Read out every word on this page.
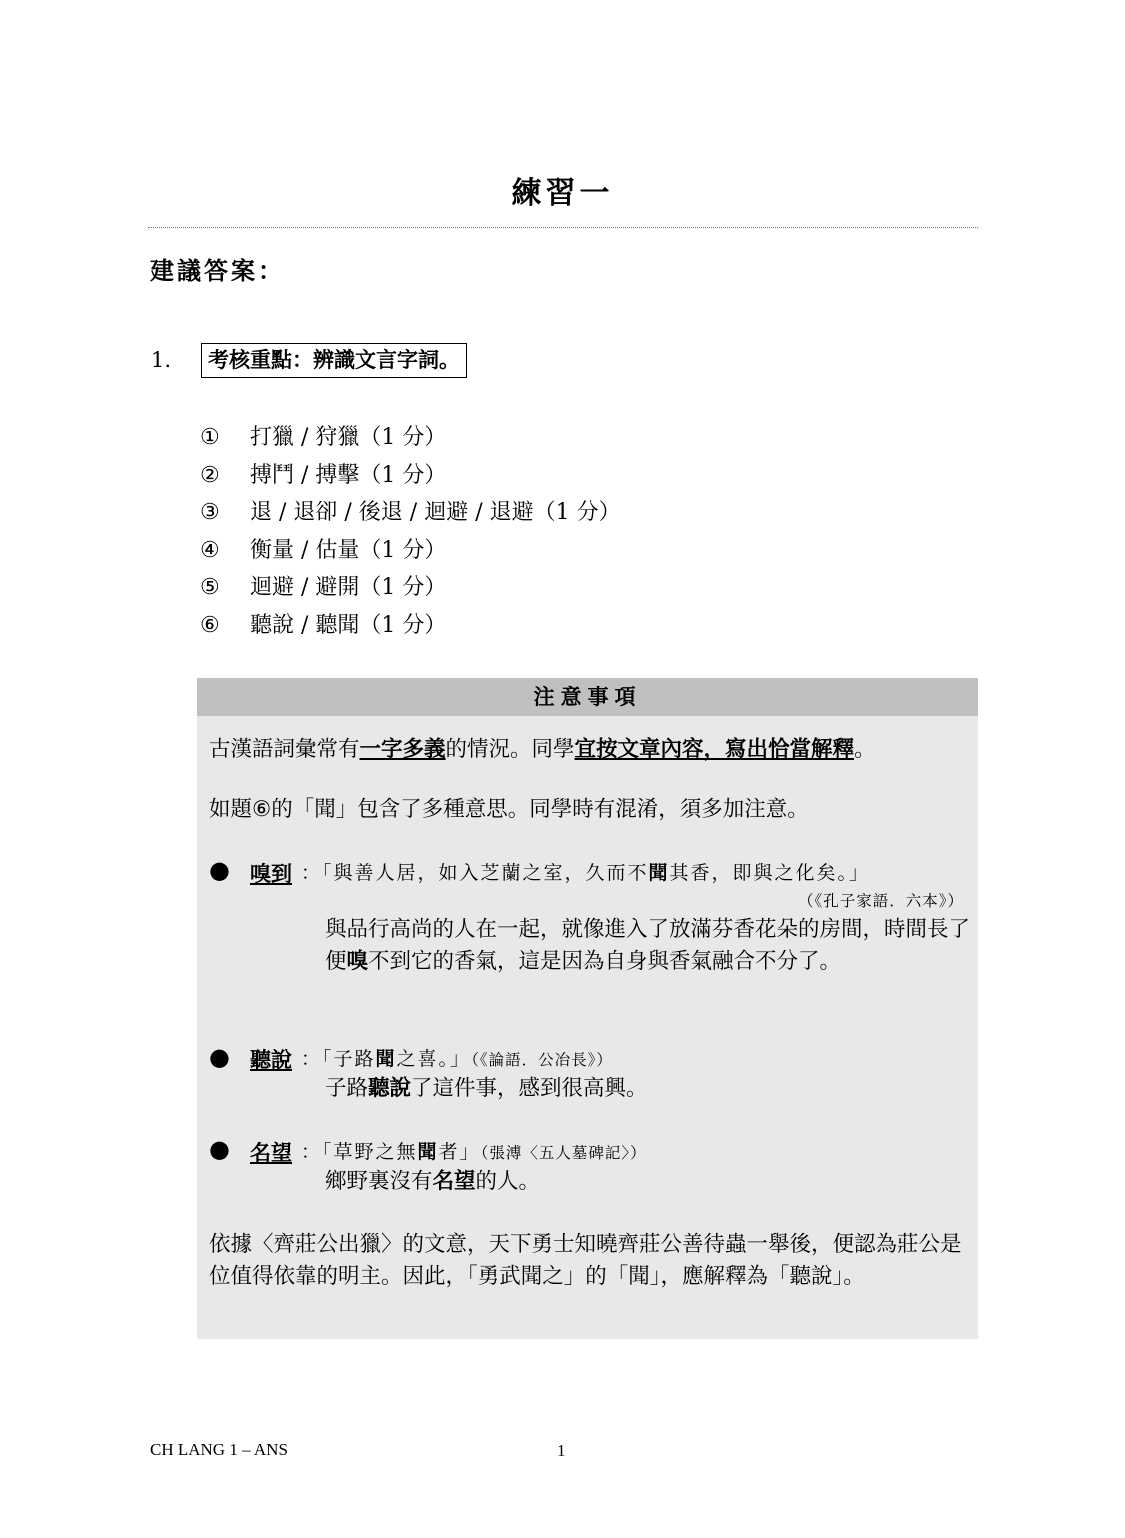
練習一
建議答案：
1.	考核重點：辨識文言字詞。
①	打獵 / 狩獵（1 分）
②	搏鬥 / 搏擊（1 分）
③	退 / 退卻 / 後退 / 迴避 / 退避（1 分）
④	衡量 / 估量（1 分）
⑤	迴避 / 避開（1 分）
⑥	聽說 / 聽聞（1 分）
注意事項
古漢語詞彙常有一字多義的情況。同學宜按文章內容，寫出恰當解釋。
如題⑥的「聞」包含了多種意思。同學時有混淆，須多加注意。
● 嗅到 ：「與善人居，如入芝蘭之室，久而不聞其香，即與之化矣。」
（《孔子家語．六本》）
與品行高尚的人在一起，就像進入了放滿芬香花朵的房間，時間長了便嗅不到它的香氣，這是因為自身與香氣融合不分了。
● 聽說 ：「子路聞之喜。」（《論語．公冶長》）
子路聽說了這件事，感到很高興。
● 名望 ：「草野之無聞者」（張溥〈五人墓碑記〉）
鄉野裏沒有名望的人。
依據〈齊莊公出獵〉的文意，天下勇士知曉齊莊公善待蟲一舉後，便認為莊公是位值得依靠的明主。因此，「勇武聞之」的「聞」，應解釋為「聽說」。
CH LANG 1 – ANS	1
